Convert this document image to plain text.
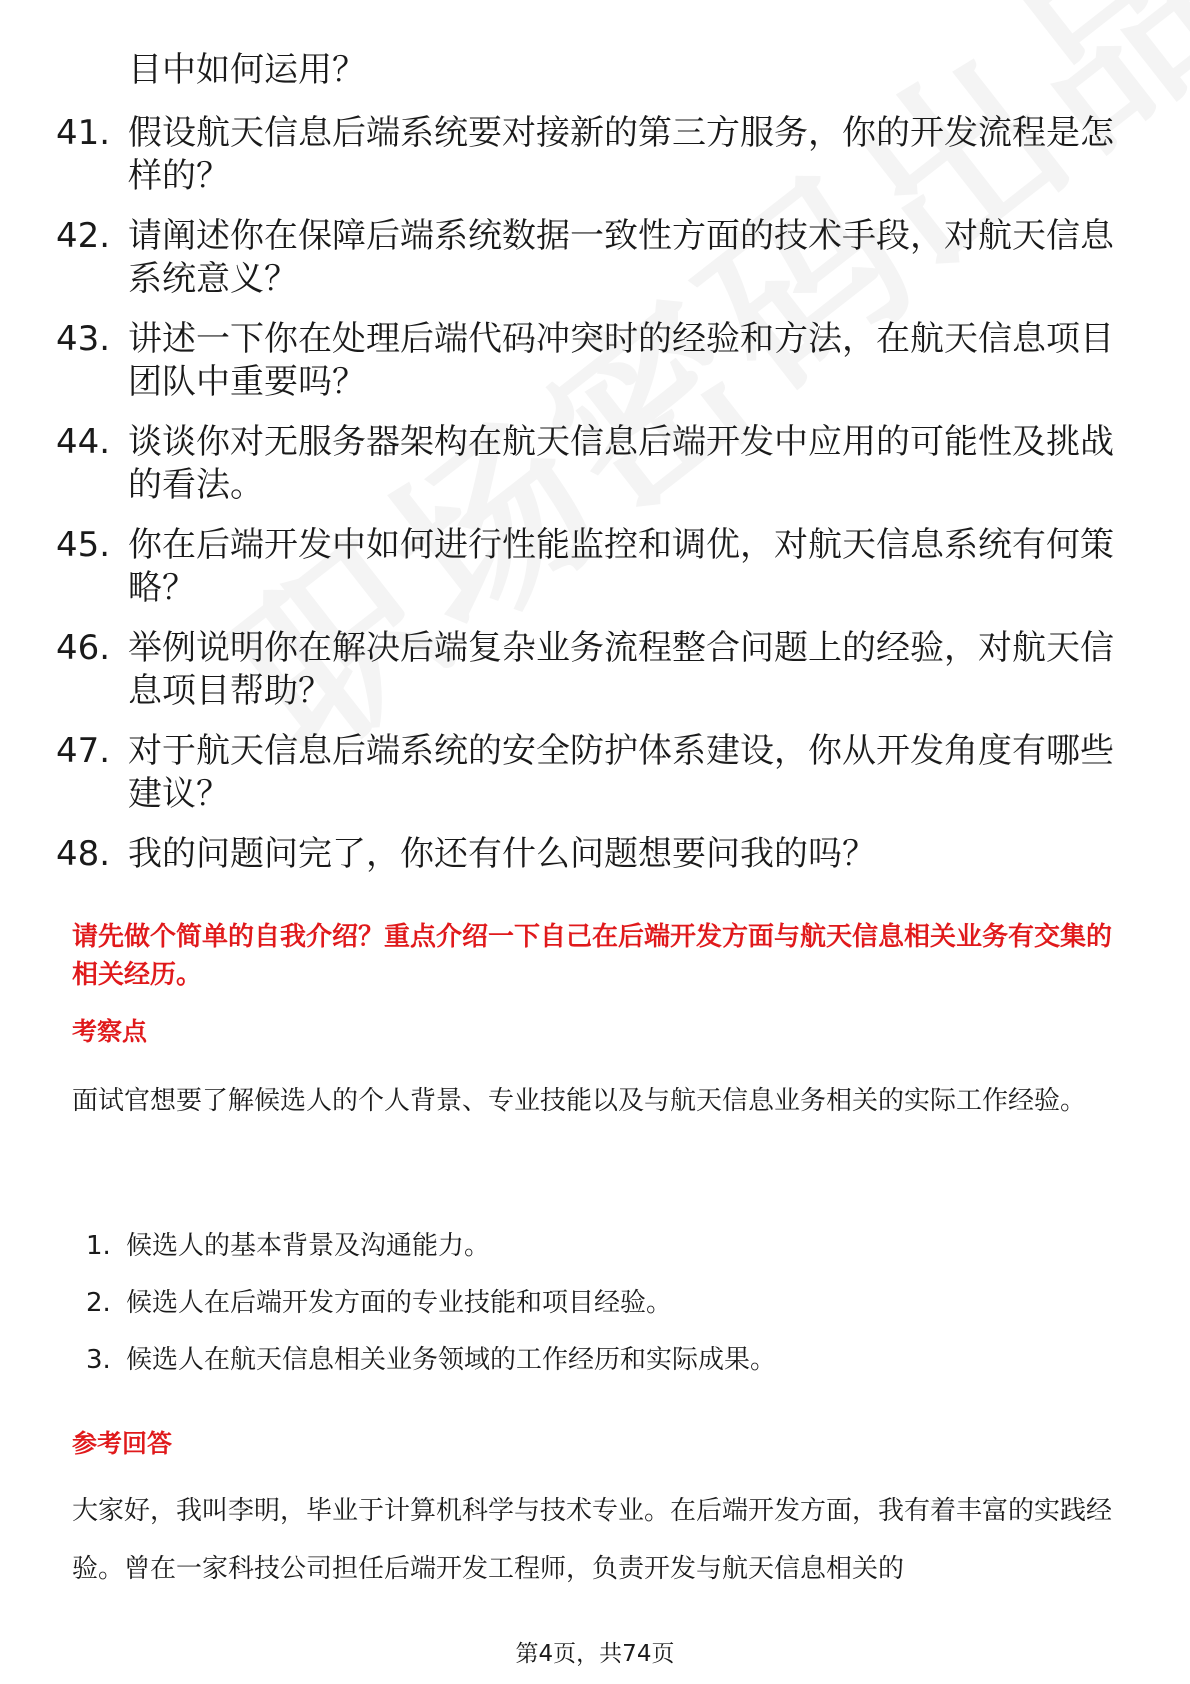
目中如何运用？
41. 假设航天信息后端系统要对接新的第三方服务，你的开发流程是怎样的？
42. 请阐述你在保障后端系统数据一致性方面的技术手段，对航天信息系统意义？
43. 讲述一下你在处理后端代码冲突时的经验和方法，在航天信息项目团队中重要吗？
44. 谈谈你对无服务器架构在航天信息后端开发中应用的可能性及挑战的看法。
45. 你在后端开发中如何进行性能监控和调优，对航天信息系统有何策略？
46. 举例说明你在解决后端复杂业务流程整合问题上的经验，对航天信息项目帮助？
47. 对于航天信息后端系统的安全防护体系建设，你从开发角度有哪些建议？
48. 我的问题问完了，你还有什么问题想要问我的吗？
请先做个简单的自我介绍？重点介绍一下自己在后端开发方面与航天信息相关业务有交集的相关经历。
考察点
面试官想要了解候选人的个人背景、专业技能以及与航天信息业务相关的实际工作经验。
1. 候选人的基本背景及沟通能力。
2. 候选人在后端开发方面的专业技能和项目经验。
3. 候选人在航天信息相关业务领域的工作经历和实际成果。
参考回答
大家好，我叫李明，毕业于计算机科学与技术专业。在后端开发方面，我有着丰富的实践经验。曾在一家科技公司担任后端开发工程师，负责开发与航天信息相关的
第4页，共74页
